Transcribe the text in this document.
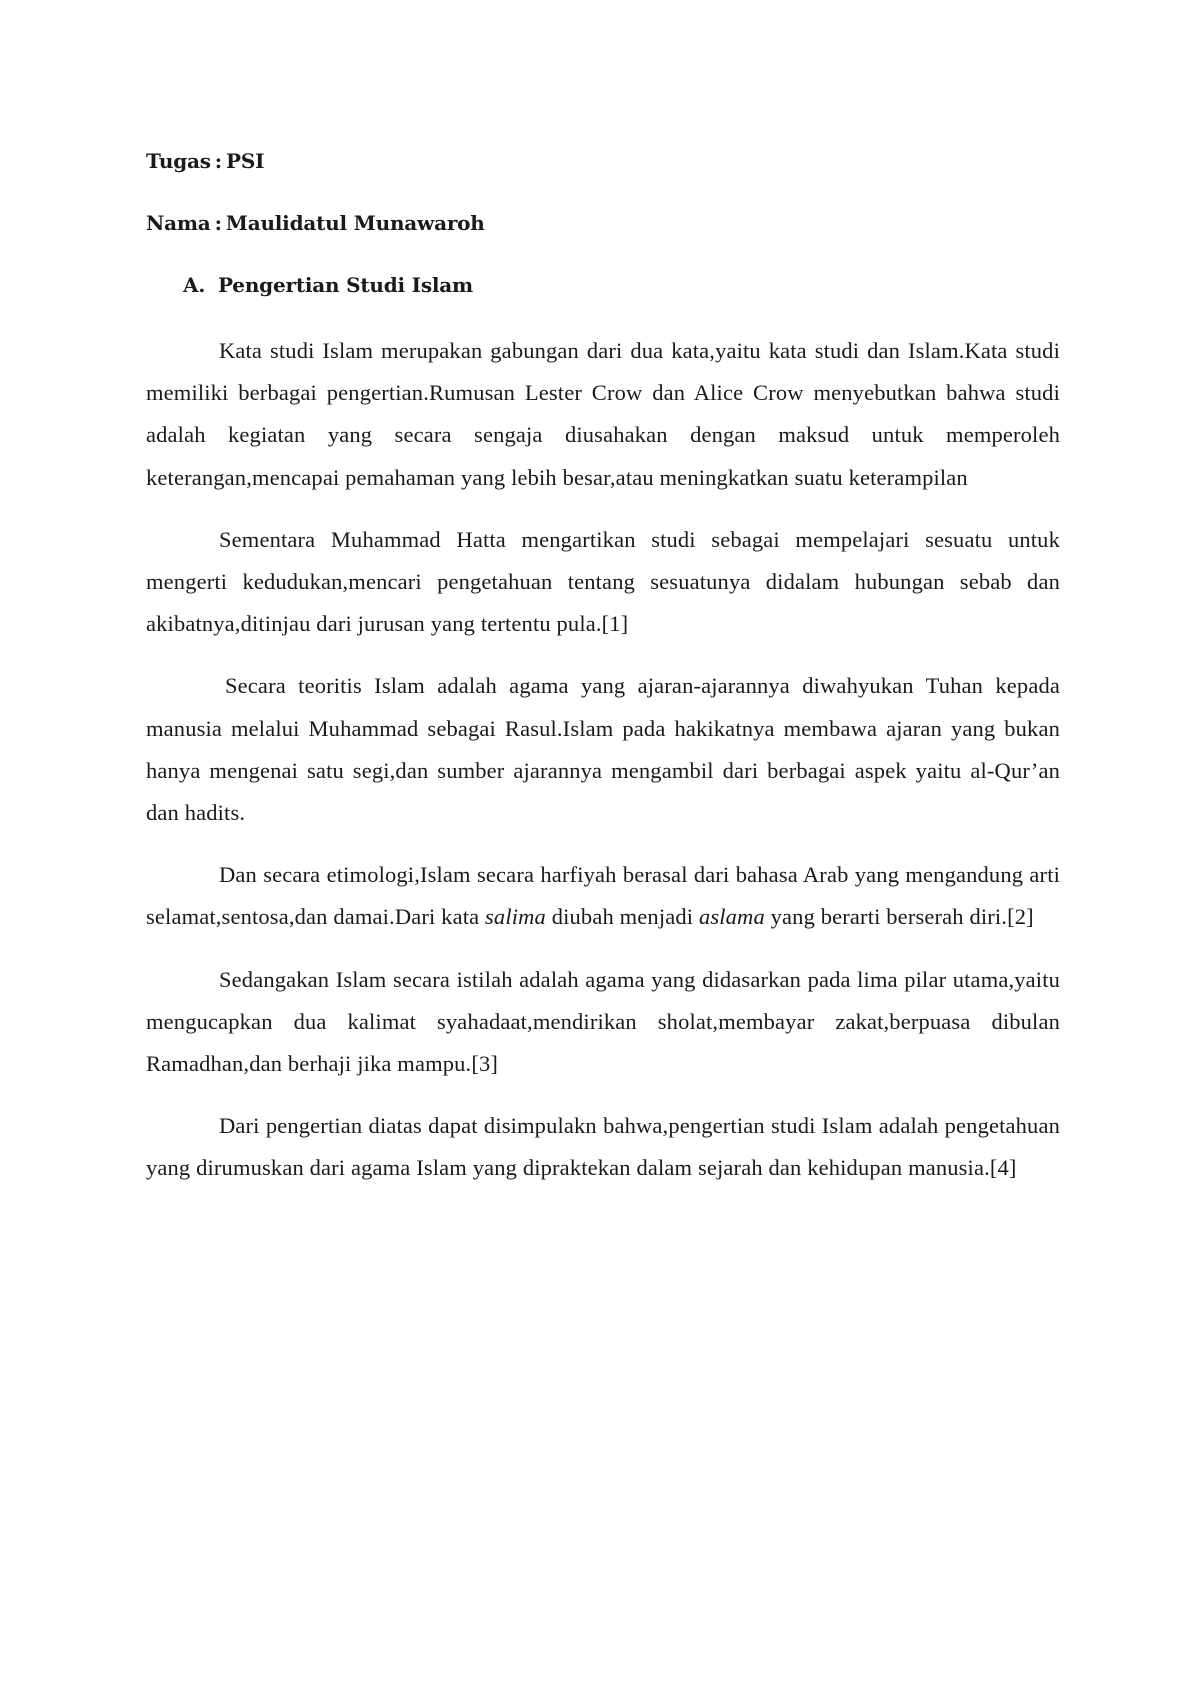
Tugas : PSI
Nama : Maulidatul Munawaroh
A. Pengertian Studi Islam

Kata studi Islam merupakan gabungan dari dua kata,yaitu kata studi dan Islam.Kata studi memiliki berbagai pengertian.Rumusan Lester Crow dan Alice Crow menyebutkan bahwa studi adalah kegiatan yang secara sengaja diusahakan dengan maksud untuk memperoleh keterangan,mencapai pemahaman yang lebih besar,atau meningkatkan suatu keterampilan

Sementara Muhammad Hatta mengartikan studi sebagai mempelajari sesuatu untuk mengerti kedudukan,mencari pengetahuan tentang sesuatunya didalam hubungan sebab dan akibatnya,ditinjau dari jurusan yang tertentu pula.[1]

Secara teoritis Islam adalah agama yang ajaran-ajarannya diwahyukan Tuhan kepada manusia melalui Muhammad sebagai Rasul.Islam pada hakikatnya membawa ajaran yang bukan hanya mengenai satu segi,dan sumber ajarannya mengambil dari berbagai aspek yaitu al-Qur’an dan hadits.

Dan secara etimologi,Islam secara harfiyah berasal dari bahasa Arab yang mengandung arti selamat,sentosa,dan damai.Dari kata salima diubah menjadi aslama yang berarti berserah diri.[2]

Sedangakan Islam secara istilah adalah agama yang didasarkan pada lima pilar utama,yaitu mengucapkan dua kalimat syahadaat,mendirikan sholat,membayar zakat,berpuasa dibulan Ramadhan,dan berhaji jika mampu.[3]

Dari pengertian diatas dapat disimpulakn bahwa,pengertian studi Islam adalah pengetahuan yang dirumuskan dari agama Islam yang dipraktekan dalam sejarah dan kehidupan manusia.[4]
